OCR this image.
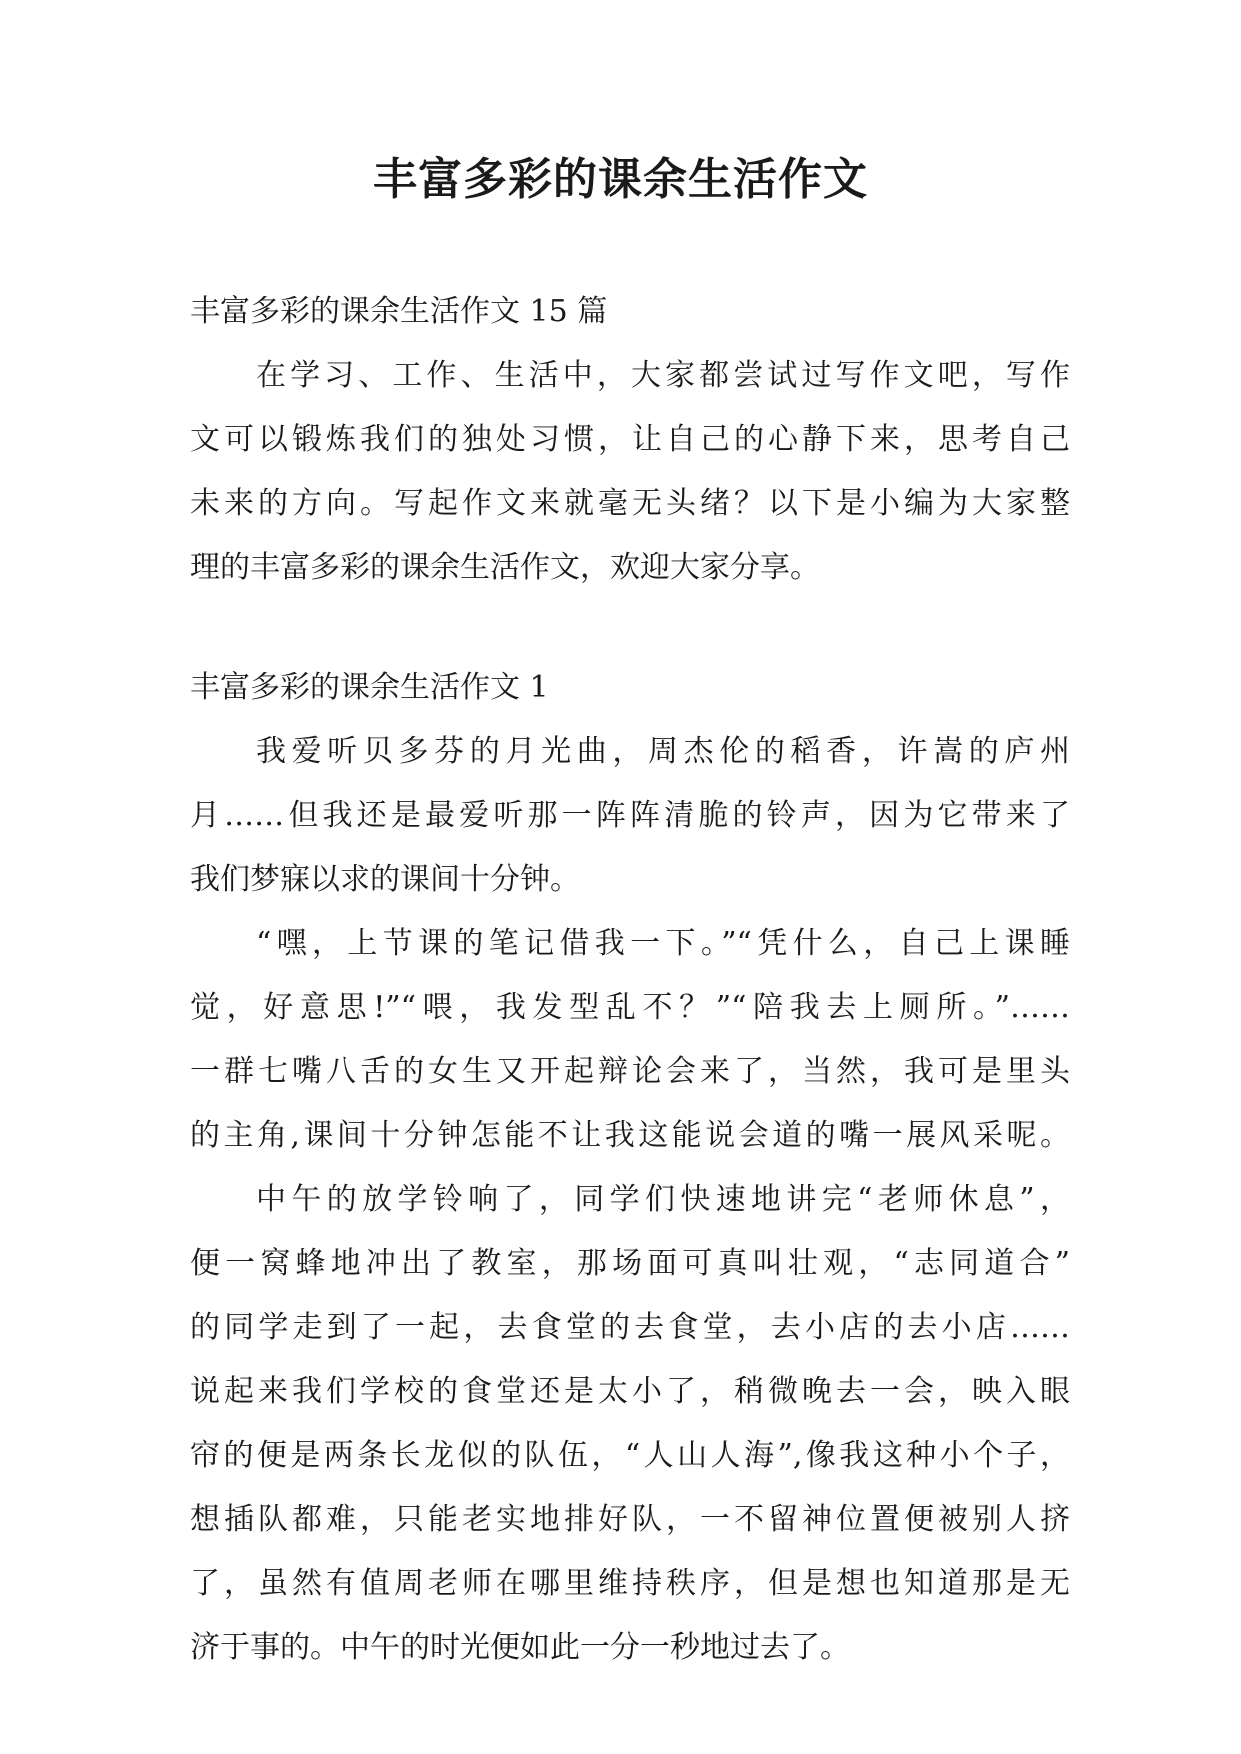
丰富多彩的课余生活作文
丰富多彩的课余生活作文 15 篇
在学习、工作、生活中，大家都尝试过写作文吧，写作
文可以锻炼我们的独处习惯，让自己的心静下来，思考自己
未来的方向。写起作文来就毫无头绪？以下是小编为大家整
理的丰富多彩的课余生活作文，欢迎大家分享。
丰富多彩的课余生活作文 1
我爱听贝多芬的月光曲，周杰伦的稻香，许嵩的庐州
月……但我还是最爱听那一阵阵清脆的铃声，因为它带来了
我们梦寐以求的课间十分钟。
“嘿，上节课的笔记借我一下。”“凭什么，自己上课睡
觉，好意思!”“喂，我发型乱不？”“陪我去上厕所。”……
一群七嘴八舌的女生又开起辩论会来了，当然，我可是里头
的主角,课间十分钟怎能不让我这能说会道的嘴一展风采呢。
中午的放学铃响了，同学们快速地讲完“老师休息”，
便一窝蜂地冲出了教室，那场面可真叫壮观，“志同道合”
的同学走到了一起，去食堂的去食堂，去小店的去小店……
说起来我们学校的食堂还是太小了，稍微晚去一会，映入眼
帘的便是两条长龙似的队伍，“人山人海”,像我这种小个子，
想插队都难，只能老实地排好队，一不留神位置便被别人挤
了，虽然有值周老师在哪里维持秩序，但是想也知道那是无
济于事的。中午的时光便如此一分一秒地过去了。
